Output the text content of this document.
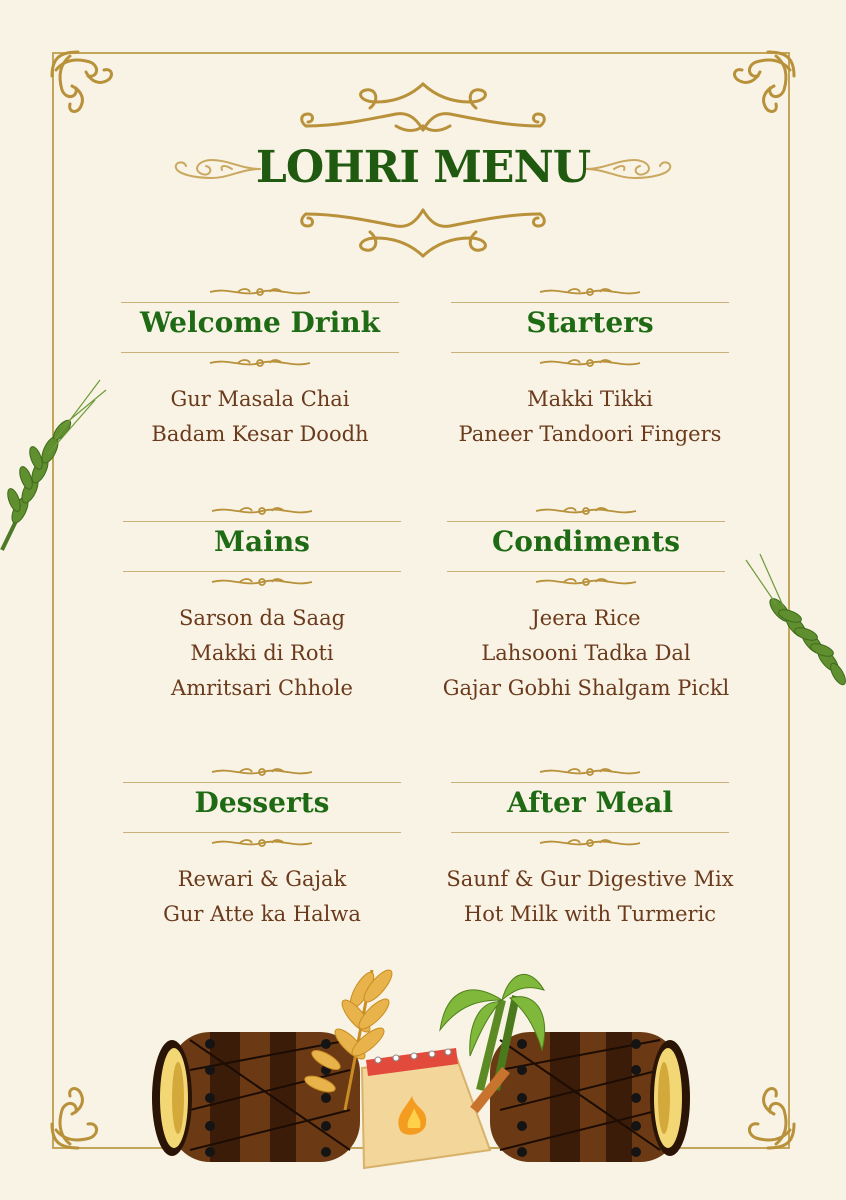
LOHRI MENU
Welcome Drink
Gur Masala Chai
Badam Kesar Doodh
Starters
Makki Tikki
Paneer Tandoori Fingers
Mains
Sarson da Saag
Makki di Roti
Amritsari Chhole
Condiments
Jeera Rice
Lahsooni Tadka Dal
Gajar Gobhi Shalgam Pickl
Desserts
Rewari & Gajak
Gur Atte ka Halwa
After Meal
Saunf & Gur Digestive Mix
Hot Milk with Turmeric
